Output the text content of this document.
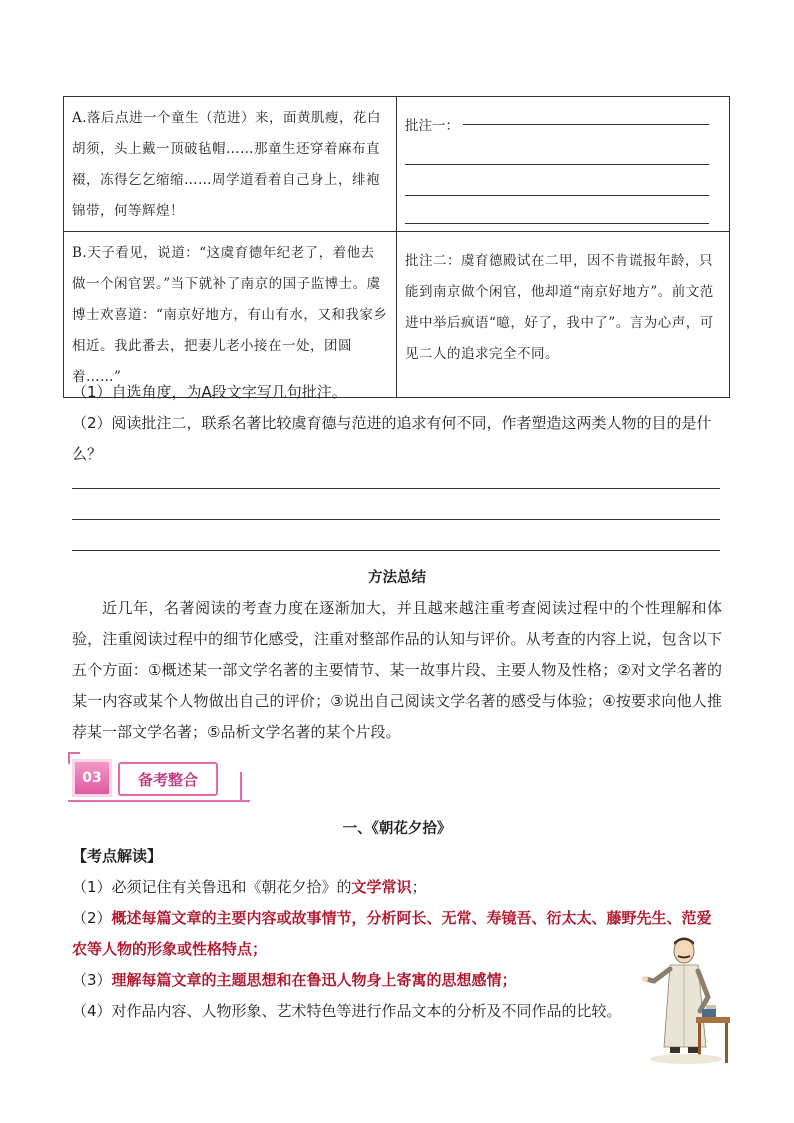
A.落后点进一个童生（范进）来，面黄肌瘦，花白胡须，头上戴一顶破毡帽……那童生还穿着麻布直裰，冻得乞乞缩缩……周学道看着自己身上，绯袍锦带，何等辉煌！	批注一：

B.天子看见，说道：“这虞育德年纪老了，着他去做一个闲官罢。”当下就补了南京的国子监博士。虞博士欢喜道：“南京好地方，有山有水，又和我家乡相近。我此番去，把妻儿老小接在一处，团圆着……”	批注二：虞育德殿试在二甲，因不肯谎报年龄，只能到南京做个闲官，他却道“南京好地方”。前文范进中举后疯语“噫，好了，我中了”。言为心声，可见二人的追求完全不同。
（1）自选角度，为A段文字写几句批注。
（2）阅读批注二，联系名著比较虞育德与范进的追求有何不同，作者塑造这两类人物的目的是什么？
方法总结
近几年，名著阅读的考查力度在逐渐加大，并且越来越注重考查阅读过程中的个性理解和体验，注重阅读过程中的细节化感受，注重对整部作品的认知与评价。从考查的内容上说，包含以下五个方面：①概述某一部文学名著的主要情节、某一故事片段、主要人物及性格；②对文学名著的某一内容或某个人物做出自己的评价；③说出自己阅读文学名著的感受与体验；④按要求向他人推荐某一部文学名著；⑤品析文学名著的某个片段。
03	备考整合
一、《朝花夕拾》
【考点解读】
（1）必须记住有关鲁迅和《朝花夕拾》的文学常识；
（2）概述每篇文章的主要内容或故事情节，分析阿长、无常、寿镜吾、衍太太、藤野先生、范爱农等人物的形象或性格特点；
（3）理解每篇文章的主题思想和在鲁迅人物身上寄寓的思想感情；
（4）对作品内容、人物形象、艺术特色等进行作品文本的分析及不同作品的比较。
